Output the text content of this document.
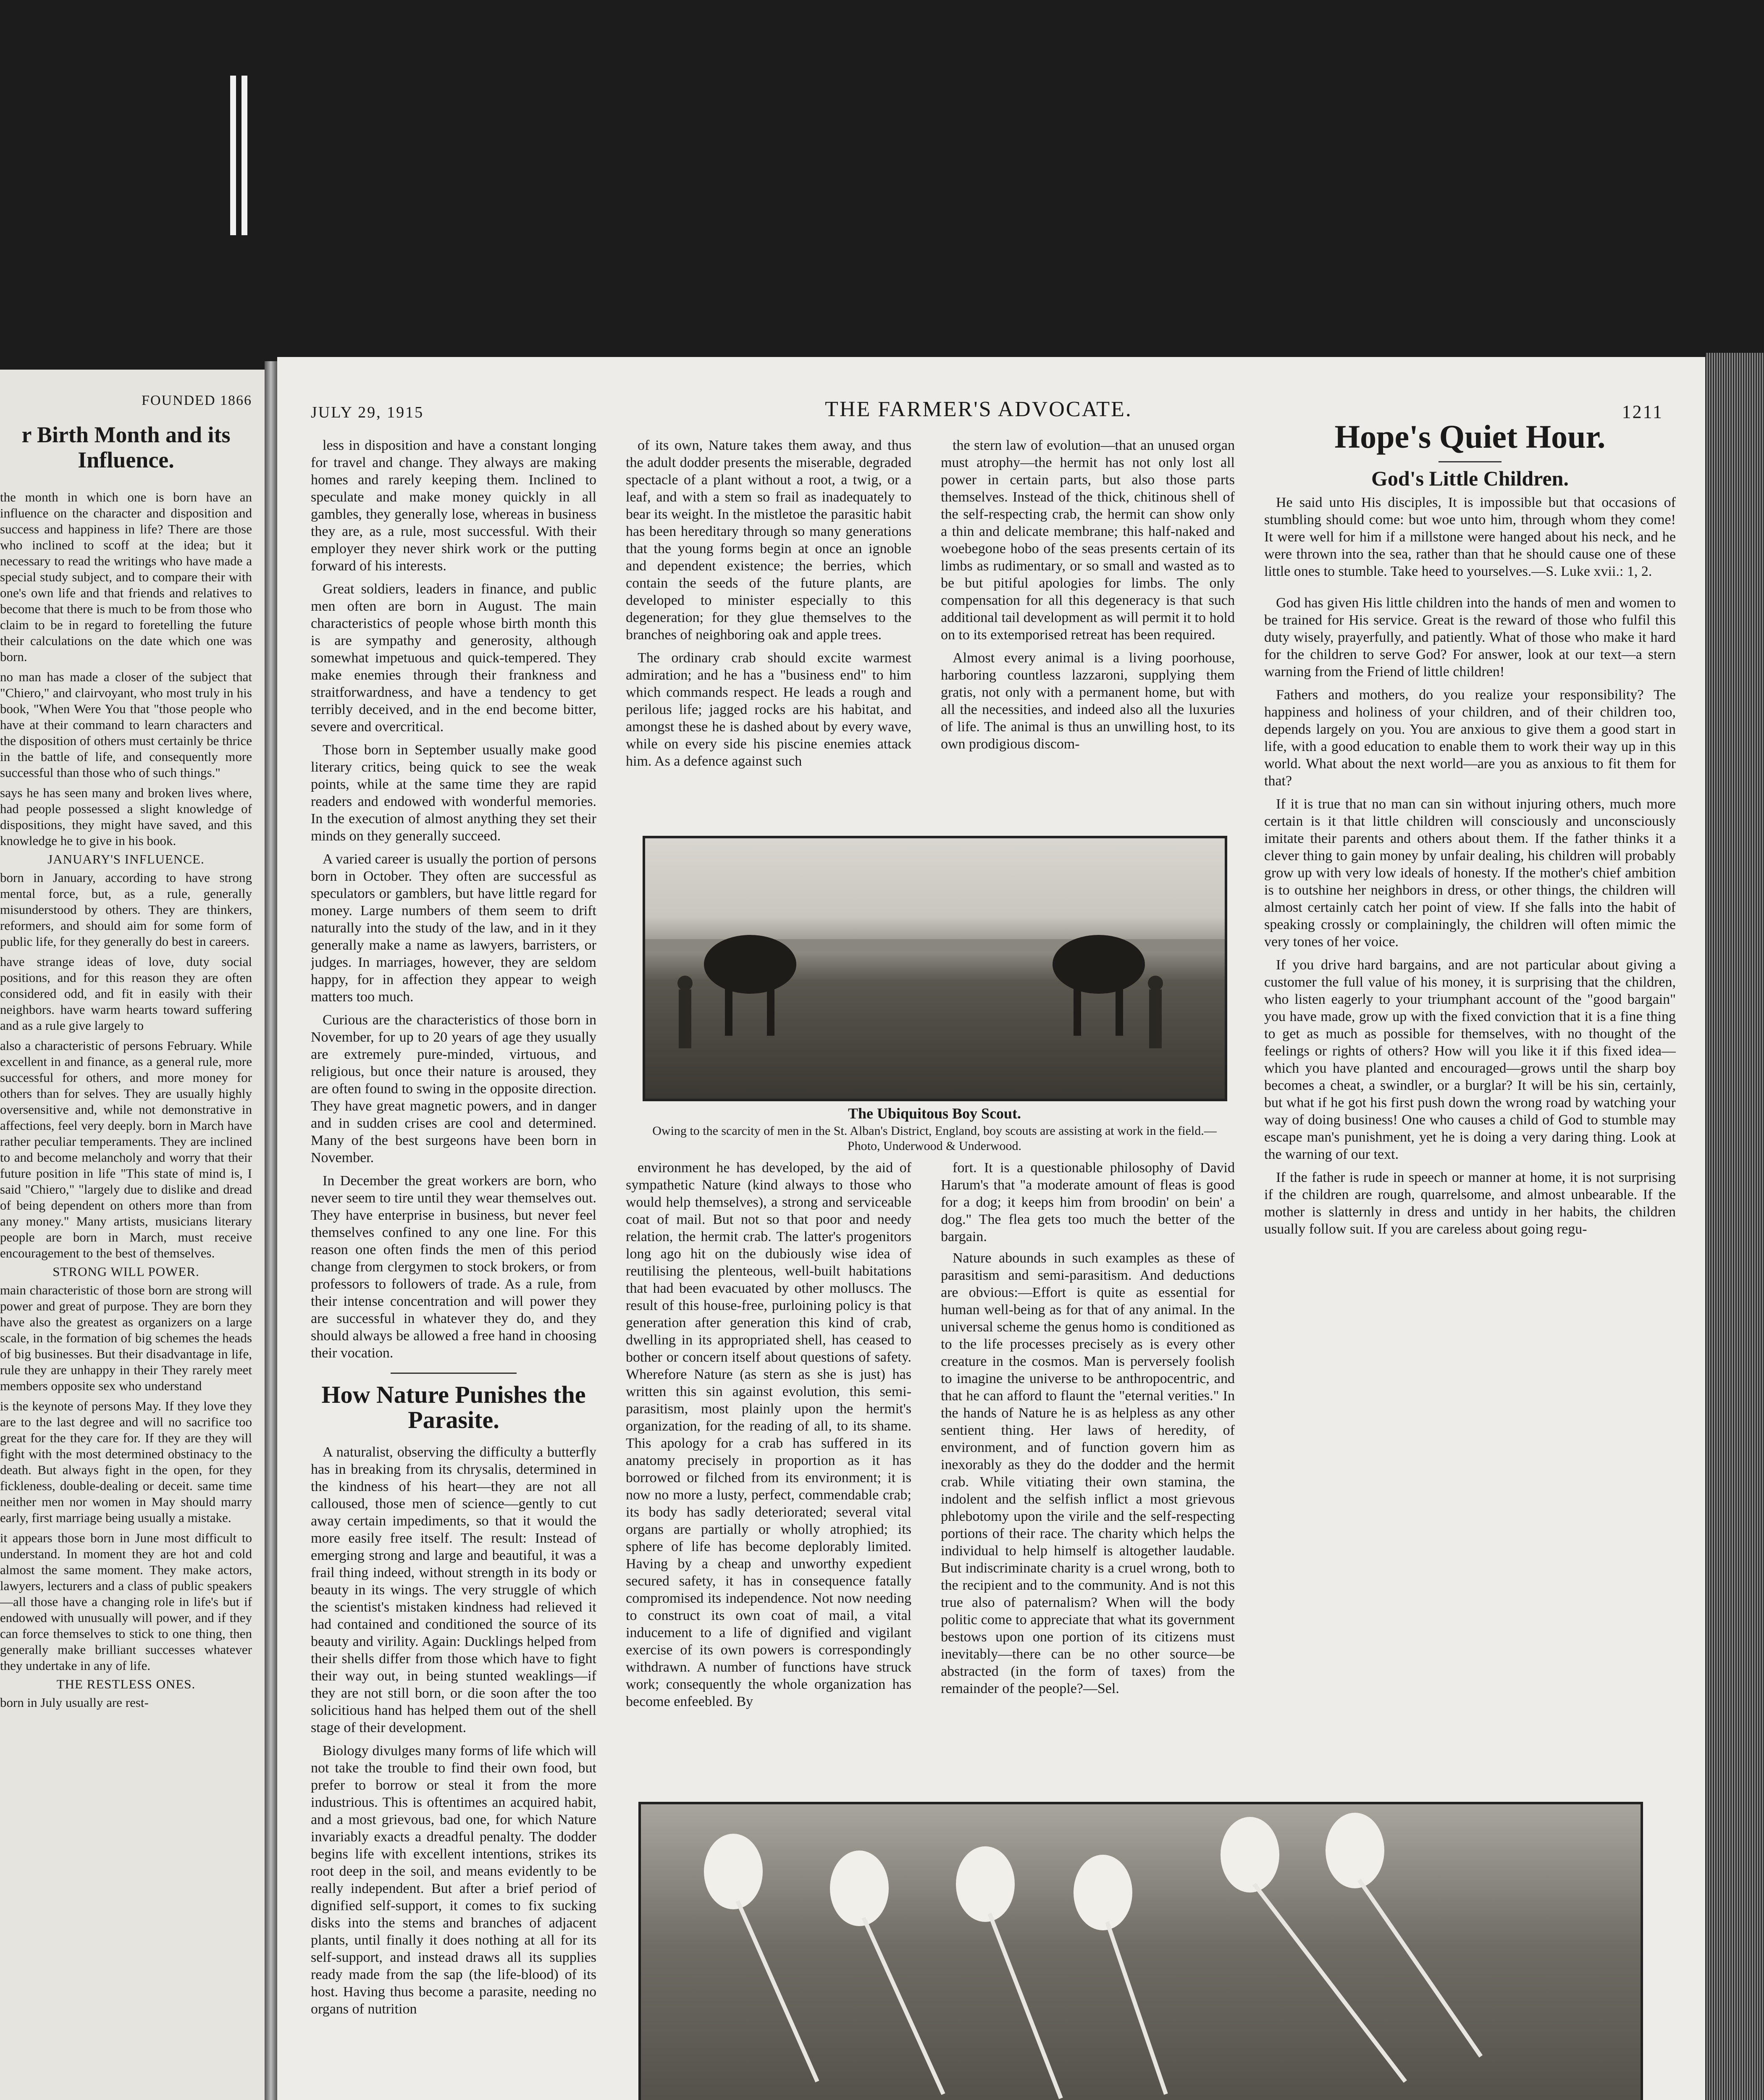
FOUNDED 1866
r Birth Month and its Influence.

the month in which one is born have an influence on the character and disposition and success and happiness in life? There are those who inclined to scoff at the idea; but it necessary to read the writings who have made a special study subject, and to compare their with one's own life and that friends and relatives to become that there is much to be from those who claim to be in regard to foretelling the future their calculations on the date which one was born.

no man has made a closer of the subject that "Chiero," and clairvoyant, who most truly in his book, "When Were You that "those people who have at their command to learn characters and the disposition of others must certainly be thrice in the battle of life, and consequently more successful than those who of such things."

says he has seen many and broken lives where, had people possessed a slight knowledge of dispositions, they might have saved, and this knowledge he to give in his book.

JANUARY'S INFLUENCE.

born in January, according to have strong mental force, but, as a rule, generally misunderstood by others. They are thinkers, reformers, and should aim for some form of public life, for they generally do best in careers.

have strange ideas of love, duty social positions, and for this reason they are often considered odd, and fit in easily with their neighbors. have warm hearts toward suffering and as a rule give largely to

also a characteristic of persons February. While excellent in and finance, as a general rule, more successful for others, and more money for others than for selves. They are usually highly oversensitive and, while not demonstrative in affections, feel very deeply. born in March have rather peculiar temperaments. They are inclined to and become melancholy and worry that their future position in life "This state of mind is, I said "Chiero," "largely due to dislike and dread of being dependent on others more than from any money." Many artists, musicians literary people are born in March, must receive encouragement to the best of themselves.

STRONG WILL POWER.

main characteristic of those born are strong will power and great of purpose. They are born they have also the greatest as organizers on a large scale, in the formation of big schemes the heads of big businesses. But their disadvantage in life, rule they are unhappy in their They rarely meet members opposite sex who understand

is the keynote of persons May. If they love they are to the last degree and will no sacrifice too great for the they care for. If they are they will fight with the most determined obstinacy to the death. But always fight in the open, for they fickleness, double-dealing or deceit. same time neither men nor women in May should marry early, first marriage being usually a mistake.

it appears those born in June most difficult to understand. In moment they are hot and cold almost the same moment. They make actors, lawyers, lecturers and a class of public speakers—all those have a changing role in life's but if endowed with unusually will power, and if they can force themselves to stick to one thing, then generally make brilliant successes whatever they undertake in any of life.

THE RESTLESS ONES.

born in July usually are rest-

JULY 29, 1915	THE FARMER'S ADVOCATE.	1211

less in disposition and have a constant longing for travel and change. They always are making homes and rarely keeping them. Inclined to speculate and make money quickly in all gambles, they generally lose, whereas in business they are, as a rule, most successful. With their employer they never shirk work or the putting forward of his interests.

Great soldiers, leaders in finance, and public men often are born in August. The main characteristics of people whose birth month this is are sympathy and generosity, although somewhat impetuous and quick-tempered. They make enemies through their frankness and straitforwardness, and have a tendency to get terribly deceived, and in the end become bitter, severe and overcritical.

Those born in September usually make good literary critics, being quick to see the weak points, while at the same time they are rapid readers and endowed with wonderful memories. In the execution of almost anything they set their minds on they generally succeed.

A varied career is usually the portion of persons born in October. They often are successful as speculators or gamblers, but have little regard for money. Large numbers of them seem to drift naturally into the study of the law, and in it they generally make a name as lawyers, barristers, or judges. In marriages, however, they are seldom happy, for in affection they appear to weigh matters too much.

Curious are the characteristics of those born in November, for up to 20 years of age they usually are extremely pure-minded, virtuous, and religious, but once their nature is aroused, they are often found to swing in the opposite direction. They have great magnetic powers, and in danger and in sudden crises are cool and determined. Many of the best surgeons have been born in November.

In December the great workers are born, who never seem to tire until they wear themselves out. They have enterprise in business, but never feel themselves confined to any one line. For this reason one often finds the men of this period change from clergymen to stock brokers, or from professors to followers of trade. As a rule, from their intense concentration and will power they are successful in whatever they do, and they should always be allowed a free hand in choosing their vocation.

How Nature Punishes the Parasite.

A naturalist, observing the difficulty a butterfly has in breaking from its chrysalis, determined in the kindness of his heart—they are not all calloused, those men of science—gently to cut away certain impediments, so that it would the more easily free itself. The result: Instead of emerging strong and large and beautiful, it was a frail thing indeed, without strength in its body or beauty in its wings. The very struggle of which the scientist's mistaken kindness had relieved it had contained and conditioned the source of its beauty and virility. Again: Ducklings helped from their shells differ from those which have to fight their way out, in being stunted weaklings—if they are not still born, or die soon after the too solicitious hand has helped them out of the shell stage of their development.

Biology divulges many forms of life which will not take the trouble to find their own food, but prefer to borrow or steal it from the more industrious. This is oftentimes an acquired habit, and a most grievous, bad one, for which Nature invariably exacts a dreadful penalty. The dodder begins life with excellent intentions, strikes its root deep in the soil, and means evidently to be really independent. But after a brief period of dignified self-support, it comes to fix sucking disks into the stems and branches of adjacent plants, until finally it does nothing at all for its self-support, and instead draws all its supplies ready made from the sap (the life-blood) of its host. Having thus become a parasite, needing no organs of nutrition

of its own, Nature takes them away, and thus the adult dodder presents the miserable, degraded spectacle of a plant without a root, a twig, or a leaf, and with a stem so frail as inadequately to bear its weight. In the mistletoe the parasitic habit has been hereditary through so many generations that the young forms begin at once an ignoble and dependent existence; the berries, which contain the seeds of the future plants, are developed to minister especially to this degeneration; for they glue themselves to the branches of neighboring oak and apple trees.

The ordinary crab should excite warmest admiration; and he has a "business end" to him which commands respect. He leads a rough and perilous life; jagged rocks are his habitat, and amongst these he is dashed about by every wave, while on every side his piscine enemies attack him. As a defence against such

the stern law of evolution—that an unused organ must atrophy—the hermit has not only lost all power in certain parts, but also those parts themselves. Instead of the thick, chitinous shell of the self-respecting crab, the hermit can show only a thin and delicate membrane; this half-naked and woebegone hobo of the seas presents certain of its limbs as rudimentary, or so small and wasted as to be but pitiful apologies for limbs. The only compensation for all this degeneracy is that such additional tail development as will permit it to hold on to its extemporised retreat has been required.

Almost every animal is a living poorhouse, harboring countless lazzaroni, supplying them gratis, not only with a permanent home, but with all the necessities, and indeed also all the luxuries of life. The animal is thus an unwilling host, to its own prodigious discom-

The Ubiquitous Boy Scout.
Owing to the scarcity of men in the St. Alban's District, England, boy scouts are assisting at work in the field.—Photo, Underwood & Underwood.

environment he has developed, by the aid of sympathetic Nature (kind always to those who would help themselves), a strong and serviceable coat of mail. But not so that poor and needy relation, the hermit crab. The latter's progenitors long ago hit on the dubiously wise idea of reutilising the plenteous, well-built habitations that had been evacuated by other molluscs. The result of this house-free, purloining policy is that generation after generation this kind of crab, dwelling in its appropriated shell, has ceased to bother or concern itself about questions of safety. Wherefore Nature (as stern as she is just) has written this sin against evolution, this semi-parasitism, most plainly upon the hermit's organization, for the reading of all, to its shame. This apology for a crab has suffered in its anatomy precisely in proportion as it has borrowed or filched from its environment; it is now no more a lusty, perfect, commendable crab; its body has sadly deteriorated; several vital organs are partially or wholly atrophied; its sphere of life has become deplorably limited. Having by a cheap and unworthy expedient secured safety, it has in consequence fatally compromised its independence. Not now needing to construct its own coat of mail, a vital inducement to a life of dignified and vigilant exercise of its own powers is correspondingly withdrawn. A number of functions have struck work; consequently the whole organization has become enfeebled. By

fort. It is a questionable philosophy of David Harum's that "a moderate amount of fleas is good for a dog; it keeps him from broodin' on bein' a dog." The flea gets too much the better of the bargain.

Nature abounds in such examples as these of parasitism and semi-parasitism. And deductions are obvious:—Effort is quite as essential for human well-being as for that of any animal. In the universal scheme the genus homo is conditioned as to the life processes precisely as is every other creature in the cosmos. Man is perversely foolish to imagine the universe to be anthropocentric, and that he can afford to flaunt the "eternal verities." In the hands of Nature he is as helpless as any other sentient thing. Her laws of heredity, of environment, and of function govern him as inexorably as they do the dodder and the hermit crab. While vitiating their own stamina, the indolent and the selfish inflict a most grievous phlebotomy upon the virile and the self-respecting portions of their race. The charity which helps the individual to help himself is altogether laudable. But indiscriminate charity is a cruel wrong, both to the recipient and to the community. And is not this true also of paternalism? When will the body politic come to appreciate that what its government bestows upon one portion of its citizens must inevitably—there can be no other source—be abstracted (in the form of taxes) from the remainder of the people?—Sel.

Hope's Quiet Hour.
God's Little Children.

He said unto His disciples, It is impossible but that occasions of stumbling should come: but woe unto him, through whom they come! It were well for him if a millstone were hanged about his neck, and he were thrown into the sea, rather than that he should cause one of these little ones to stumble. Take heed to yourselves.—S. Luke xvii.: 1, 2.

God has given His little children into the hands of men and women to be trained for His service. Great is the reward of those who fulfil this duty wisely, prayerfully, and patiently. What of those who make it hard for the children to serve God? For answer, look at our text—a stern warning from the Friend of little children!

Fathers and mothers, do you realize your responsibility? The happiness and holiness of your children, and of their children too, depends largely on you. You are anxious to give them a good start in life, with a good education to enable them to work their way up in this world. What about the next world—are you as anxious to fit them for that?

If it is true that no man can sin without injuring others, much more certain is it that little children will consciously and unconsciously imitate their parents and others about them. If the father thinks it a clever thing to gain money by unfair dealing, his children will probably grow up with very low ideals of honesty. If the mother's chief ambition is to outshine her neighbors in dress, or other things, the children will almost certainly catch her point of view. If she falls into the habit of speaking crossly or complainingly, the children will often mimic the very tones of her voice.

If you drive hard bargains, and are not particular about giving a customer the full value of his money, it is surprising that the children, who listen eagerly to your triumphant account of the "good bargain" you have made, grow up with the fixed conviction that it is a fine thing to get as much as possible for themselves, with no thought of the feelings or rights of others? How will you like it if this fixed idea—which you have planted and encouraged—grows until the sharp boy becomes a cheat, a swindler, or a burglar? It will be his sin, certainly, but what if he got his first push down the wrong road by watching your way of doing business! One who causes a child of God to stumble may escape man's punishment, yet he is doing a very daring thing. Look at the warning of our text.

If the father is rude in speech or manner at home, it is not surprising if the children are rough, quarrelsome, and almost unbearable. If the mother is slatternly in dress and untidy in her habits, the children usually follow suit. If you are careless about going regu-
